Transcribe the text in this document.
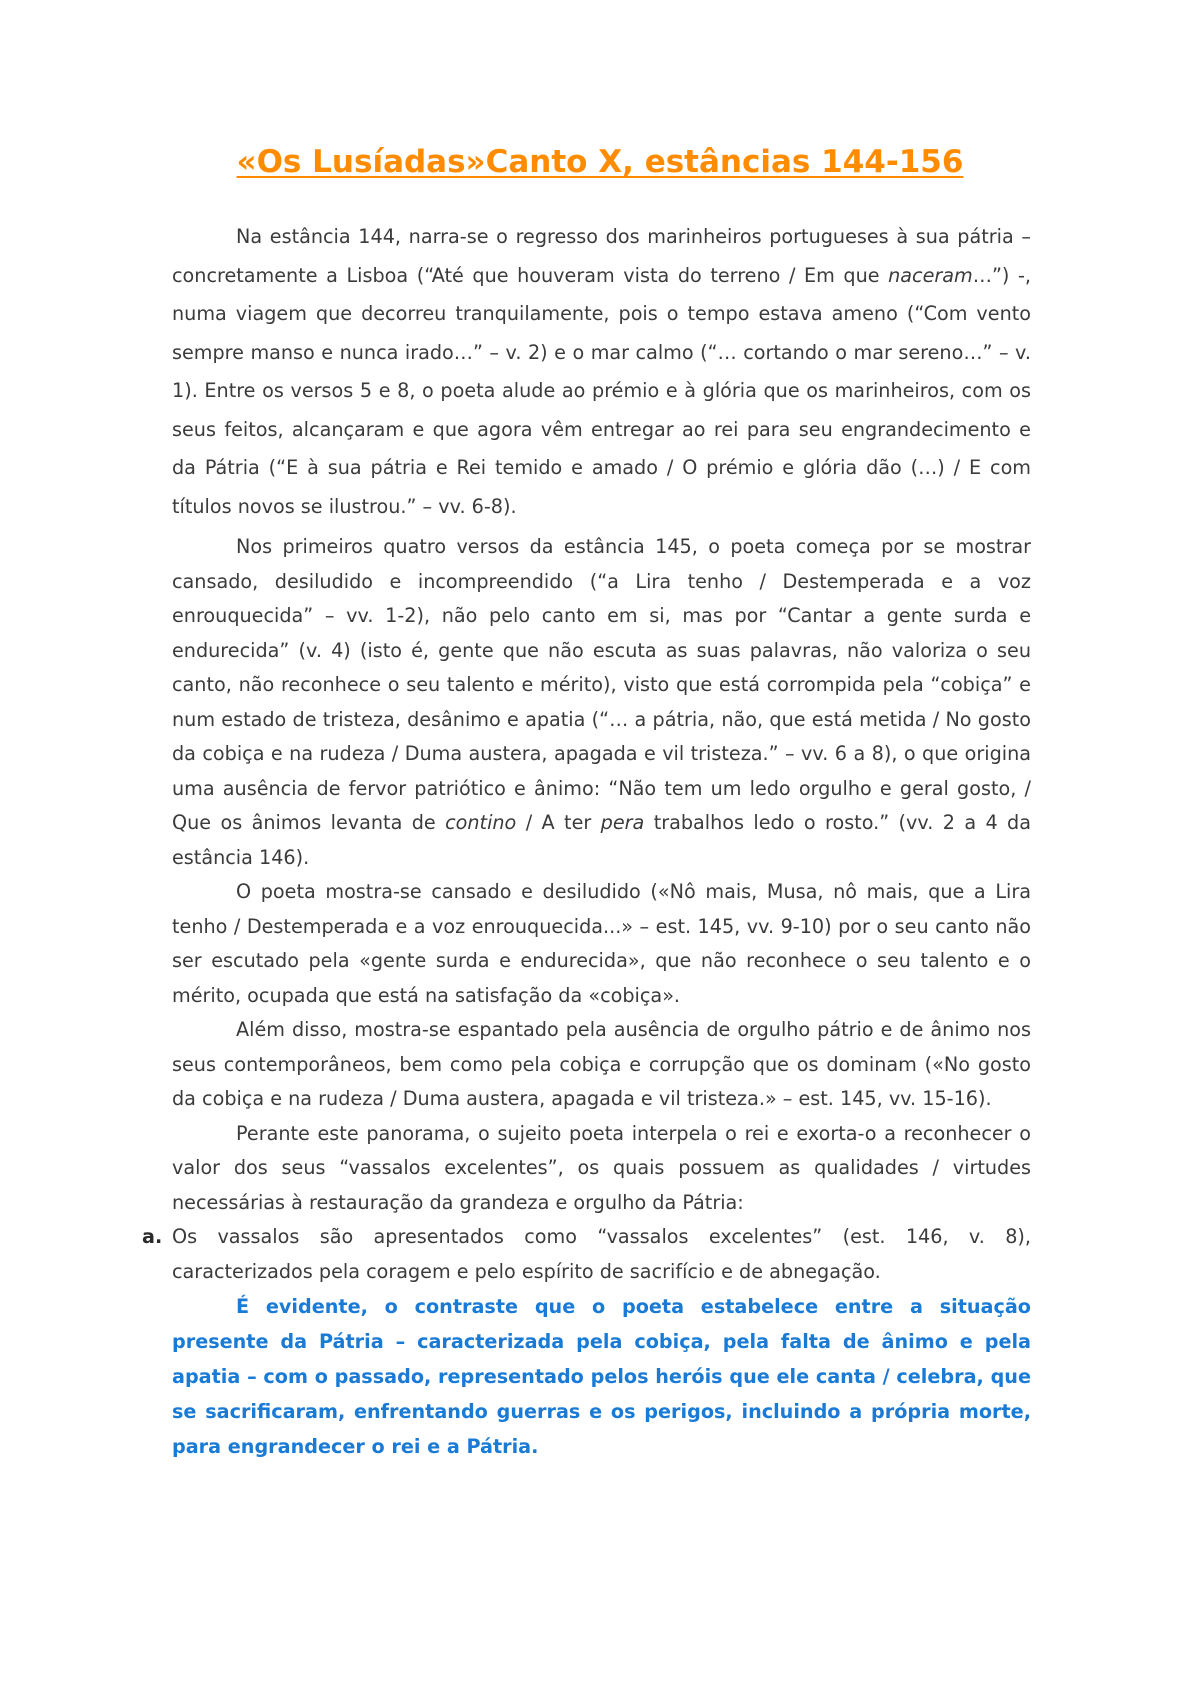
«Os Lusíadas»Canto X, estâncias 144-156

Na estância 144, narra-se o regresso dos marinheiros portugueses à sua pátria – concretamente a Lisboa (“Até que houveram vista do terreno / Em que naceram…”) -, numa viagem que decorreu tranquilamente, pois o tempo estava ameno (“Com vento sempre manso e nunca irado…” – v. 2) e o mar calmo (“… cortando o mar sereno…” – v. 1). Entre os versos 5 e 8, o poeta alude ao prémio e à glória que os marinheiros, com os seus feitos, alcançaram e que agora vêm entregar ao rei para seu engrandecimento e da Pátria (“E à sua pátria e Rei temido e amado / O prémio e glória dão (…) / E com títulos novos se ilustrou.” – vv. 6-8).

Nos primeiros quatro versos da estância 145, o poeta começa por se mostrar cansado, desiludido e incompreendido (“a Lira tenho / Destemperada e a voz enrouquecida” – vv. 1-2), não pelo canto em si, mas por “Cantar a gente surda e endurecida” (v. 4) (isto é, gente que não escuta as suas palavras, não valoriza o seu canto, não reconhece o seu talento e mérito), visto que está corrompida pela “cobiça” e num estado de tristeza, desânimo e apatia (“… a pátria, não, que está metida / No gosto da cobiça e na rudeza / Duma austera, apagada e vil tristeza.” – vv. 6 a 8), o que origina uma ausência de fervor patriótico e ânimo: “Não tem um ledo orgulho e geral gosto, / Que os ânimos levanta de contino / A ter pera trabalhos ledo o rosto.” (vv. 2 a 4 da estância 146).

O poeta mostra-se cansado e desiludido («Nô mais, Musa, nô mais, que a Lira tenho / Destemperada e a voz enrouquecida...» – est. 145, vv. 9-10) por o seu canto não ser escutado pela «gente surda e endurecida», que não reconhece o seu talento e o mérito, ocupada que está na satisfação da «cobiça».

Além disso, mostra-se espantado pela ausência de orgulho pátrio e de ânimo nos seus contemporâneos, bem como pela cobiça e corrupção que os dominam («No gosto da cobiça e na rudeza / Duma austera, apagada e vil tristeza.» – est. 145, vv. 15-16).

Perante este panorama, o sujeito poeta interpela o rei e exorta-o a reconhecer o valor dos seus “vassalos excelentes”, os quais possuem as qualidades / virtudes necessárias à restauração da grandeza e orgulho da Pátria:

a. Os vassalos são apresentados como “vassalos excelentes” (est. 146, v. 8), caracterizados pela coragem e pelo espírito de sacrifício e de abnegação.

É evidente, o contraste que o poeta estabelece entre a situação presente da Pátria – caracterizada pela cobiça, pela falta de ânimo e pela apatia – com o passado, representado pelos heróis que ele canta / celebra, que se sacrificaram, enfrentando guerras e os perigos, incluindo a própria morte, para engrandecer o rei e a Pátria.
